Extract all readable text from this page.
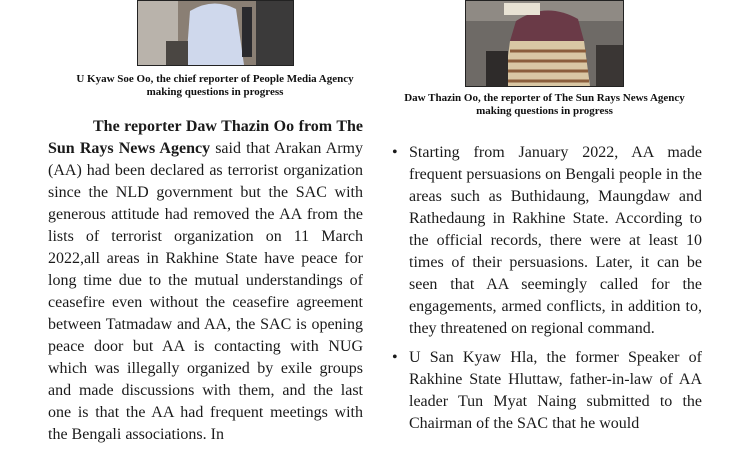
U Kyaw Soe Oo, the chief reporter of People Media Agency making questions in progress	Daw Thazin Oo, the reporter of The Sun Rays News Agency making questions in progress

The reporter Daw Thazin Oo from The Sun Rays News Agency said that Arakan Army (AA) had been declared as terrorist organization since the NLD government but the SAC with generous attitude had removed the AA from the lists of terrorist organization on 11 March 2022,all areas in Rakhine State have peace for long time due to the mutual understandings of ceasefire even without the ceasefire agreement between Tatmadaw and AA, the SAC is opening peace door but AA is contacting with NUG which was illegally organized by exile groups and made discussions with them, and the last one is that the AA had frequent meetings with the Bengali associations. In

• Starting from January 2022, AA made frequent persuasions on Bengali people in the areas such as Buthidaung, Maungdaw and Rathedaung in Rakhine State. According to the official records, there were at least 10 times of their persuasions. Later, it can be seen that AA seemingly called for the engagements, armed conflicts, in addition to, they threatened on regional command.
• U San Kyaw Hla, the former Speaker of Rakhine State Hluttaw, father-in-law of AA leader Tun Myat Naing submitted to the Chairman of the SAC that he would
